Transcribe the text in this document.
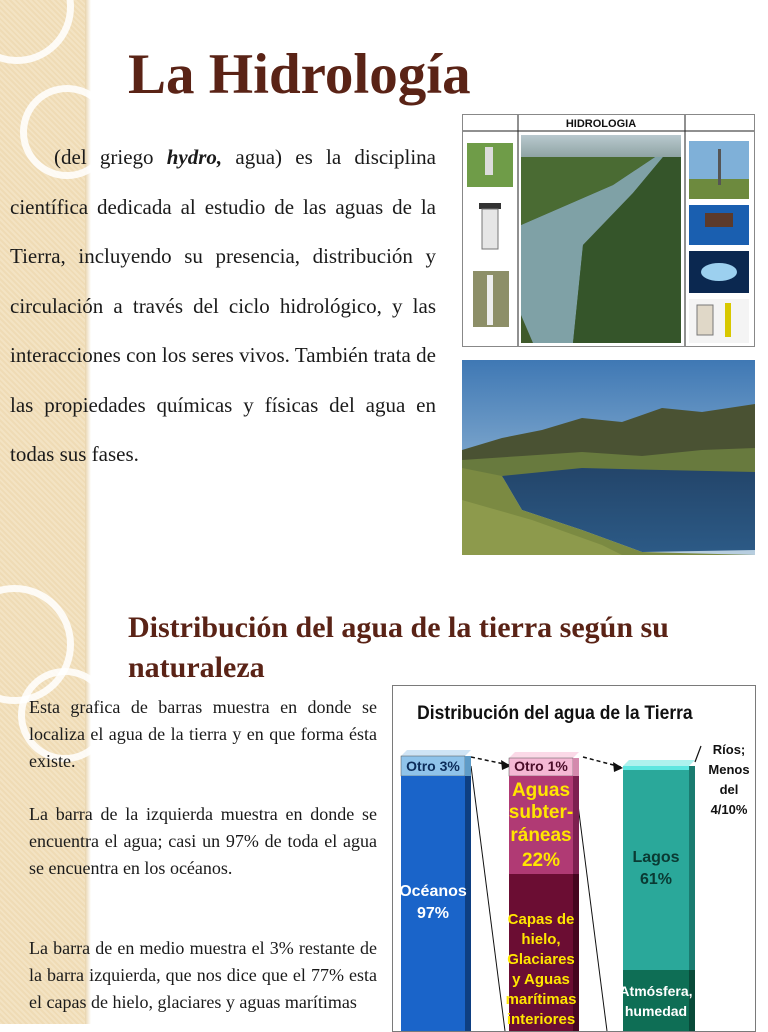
La Hidrología

(del griego hydro, agua) es la disciplina científica dedicada al estudio de las aguas de la Tierra, incluyendo su presencia, distribución y circulación a través del ciclo hidrológico, y las interacciones con los seres vivos. También trata de las propiedades químicas y físicas del agua en todas sus fases.

HIDROLOGIA
Distribución del agua de la tierra según su naturaleza

Esta grafica de barras muestra en donde se localiza el agua de la tierra y en que forma ésta existe.

La barra de la izquierda muestra en donde se encuentra el agua; casi un 97% de toda el agua se encuentra en los océanos.

La barra de en medio muestra el 3% restante de la barra izquierda, que nos dice que el 77% esta el capas de hielo, glaciares y aguas marítimas

Distribución del agua de la Tierra
Otro 3%
Océanos
97%
Otro 1%
Aguas
subter-
ráneas
22%
Capas de
hielo,
Glaciares
y Aguas
marítimas
interiores
Lagos
61%
Atmósfera,
humedad
Ríos;
Menos
del
4/10%
